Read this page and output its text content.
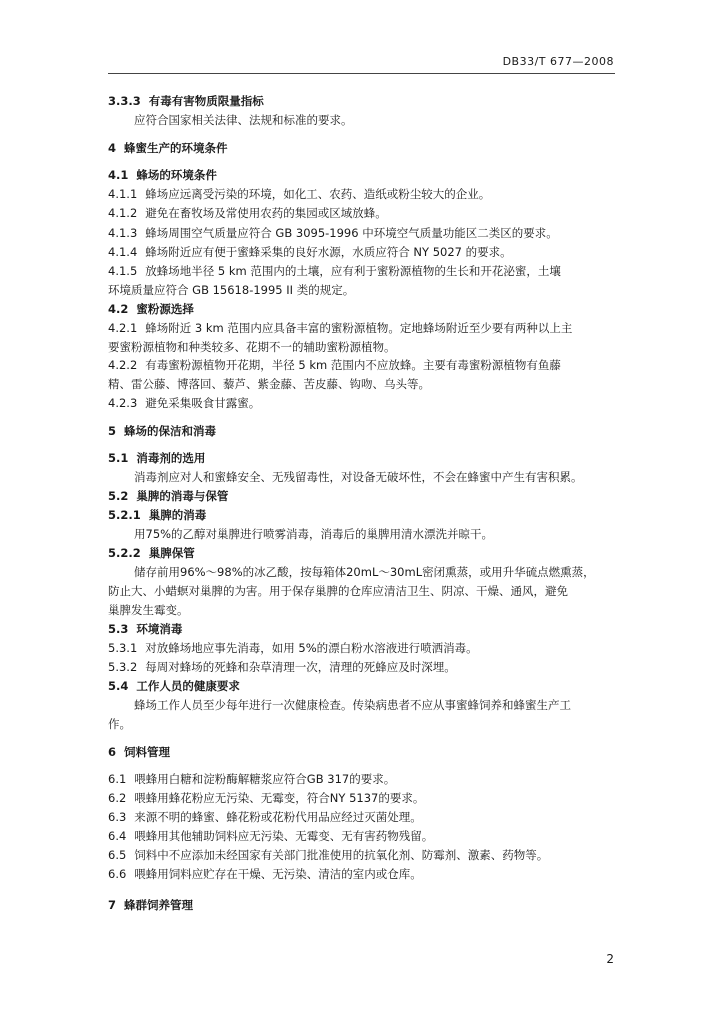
DB33/T 677—2008
3.3.3 有毒有害物质限量指标
应符合国家相关法律、法规和标准的要求。
4 蜂蜜生产的环境条件
4.1 蜂场的环境条件
4.1.1 蜂场应远离受污染的环境，如化工、农药、造纸或粉尘较大的企业。
4.1.2 避免在畜牧场及常使用农药的集园或区域放蜂。
4.1.3 蜂场周围空气质量应符合 GB 3095-1996 中环境空气质量功能区二类区的要求。
4.1.4 蜂场附近应有便于蜜蜂采集的良好水源，水质应符合 NY 5027 的要求。
4.1.5 放蜂场地半径 5 km 范围内的土壤，应有利于蜜粉源植物的生长和开花泌蜜，土壤
环境质量应符合 GB 15618-1995 II 类的规定。
4.2 蜜粉源选择
4.2.1 蜂场附近 3 km 范围内应具备丰富的蜜粉源植物。定地蜂场附近至少要有两种以上主
要蜜粉源植物和种类较多、花期不一的辅助蜜粉源植物。
4.2.2 有毒蜜粉源植物开花期，半径 5 km 范围内不应放蜂。主要有毒蜜粉源植物有鱼藤
精、雷公藤、博落回、藜芦、紫金藤、苦皮藤、钩吻、乌头等。
4.2.3 避免采集吸食甘露蜜。
5 蜂场的保洁和消毒
5.1 消毒剂的选用
消毒剂应对人和蜜蜂安全、无残留毒性，对设备无破坏性，不会在蜂蜜中产生有害积累。
5.2 巢脾的消毒与保管
5.2.1 巢脾的消毒
用75%的乙醇对巢脾进行喷雾消毒，消毒后的巢脾用清水漂洗并晾干。
5.2.2 巢脾保管
储存前用96%～98%的冰乙酸，按每箱体20mL～30mL密闭熏蒸，或用升华硫点燃熏蒸，
防止大、小蜡螟对巢脾的为害。用于保存巢脾的仓库应清洁卫生、阴凉、干燥、通风，避免
巢脾发生霉变。
5.3 环境消毒
5.3.1 对放蜂场地应事先消毒，如用 5%的漂白粉水溶液进行喷洒消毒。
5.3.2 每周对蜂场的死蜂和杂草清理一次，清理的死蜂应及时深埋。
5.4 工作人员的健康要求
蜂场工作人员至少每年进行一次健康检查。传染病患者不应从事蜜蜂饲养和蜂蜜生产工
作。
6 饲料管理
6.1 喂蜂用白糖和淀粉酶解糖浆应符合GB 317的要求。
6.2 喂蜂用蜂花粉应无污染、无霉变，符合NY 5137的要求。
6.3 来源不明的蜂蜜、蜂花粉或花粉代用品应经过灭菌处理。
6.4 喂蜂用其他辅助饲料应无污染、无霉变、无有害药物残留。
6.5 饲料中不应添加未经国家有关部门批准使用的抗氧化剂、防霉剂、激素、药物等。
6.6 喂蜂用饲料应贮存在干燥、无污染、清洁的室内或仓库。
7 蜂群饲养管理
2
